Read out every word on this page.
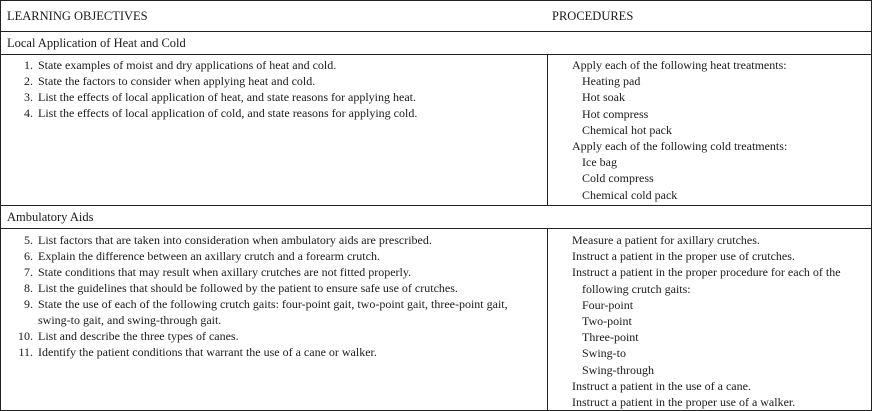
LEARNING OBJECTIVES	PROCEDURES
Local Application of Heat and Cold
1. State examples of moist and dry applications of heat and cold.
2. State the factors to consider when applying heat and cold.
3. List the effects of local application of heat, and state reasons for applying heat.
4. List the effects of local application of cold, and state reasons for applying cold.
Apply each of the following heat treatments:
Heating pad
Hot soak
Hot compress
Chemical hot pack
Apply each of the following cold treatments:
Ice bag
Cold compress
Chemical cold pack
Ambulatory Aids
5. List factors that are taken into consideration when ambulatory aids are prescribed.
6. Explain the difference between an axillary crutch and a forearm crutch.
7. State conditions that may result when axillary crutches are not fitted properly.
8. List the guidelines that should be followed by the patient to ensure safe use of crutches.
9. State the use of each of the following crutch gaits: four-point gait, two-point gait, three-point gait,
swing-to gait, and swing-through gait.
10. List and describe the three types of canes.
11. Identify the patient conditions that warrant the use of a cane or walker.
Measure a patient for axillary crutches.
Instruct a patient in the proper use of crutches.
Instruct a patient in the proper procedure for each of the
following crutch gaits:
Four-point
Two-point
Three-point
Swing-to
Swing-through
Instruct a patient in the use of a cane.
Instruct a patient in the proper use of a walker.
